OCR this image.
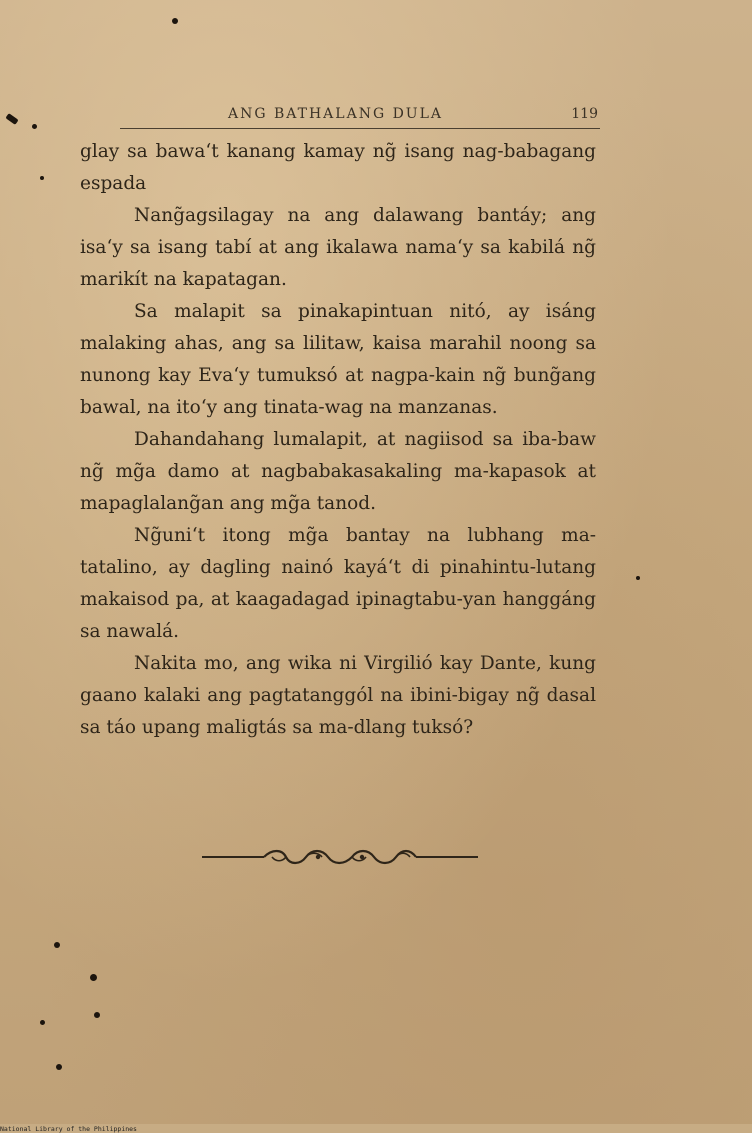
ANG BATHALANG DULA	119

glay sa bawa‘t kanang kamay ng̃ isang nag-babagang espada

Nang̃agsilagay na ang dalawang bantáy; ang isa‘y sa isang tabí at ang ikalawa nama‘y sa kabilá ng̃ marikít na kapatagan.

Sa malapit sa pinakapintuan nitó, ay isáng malaking ahas, ang sa lilitaw, kaisa marahil noong sa nunong kay Eva‘y tumuksó at nagpa-kain ng̃ bung̃ang bawal, na ito‘y ang tinata-wag na manzanas.

Dahandahang lumalapit, at nagiisod sa iba-baw ng̃ mg̃a damo at nagbabakasakaling ma-kapasok at mapaglalang̃an ang mg̃a tanod.

Ng̃uni‘t itong mg̃a bantay na lubhang ma-tatalino, ay dagling nainó kayá‘t di pinahintu-lutang makaisod pa, at kaagadagad ipinagtabu-yan hanggáng sa nawalá.

Nakita mo, ang wika ni Virgilió kay Dante, kung gaano kalaki ang pagtatanggól na ibini-bigay ng̃ dasal sa táo upang maligtás sa ma-dlang tuksó?

National Library of the Philippines
